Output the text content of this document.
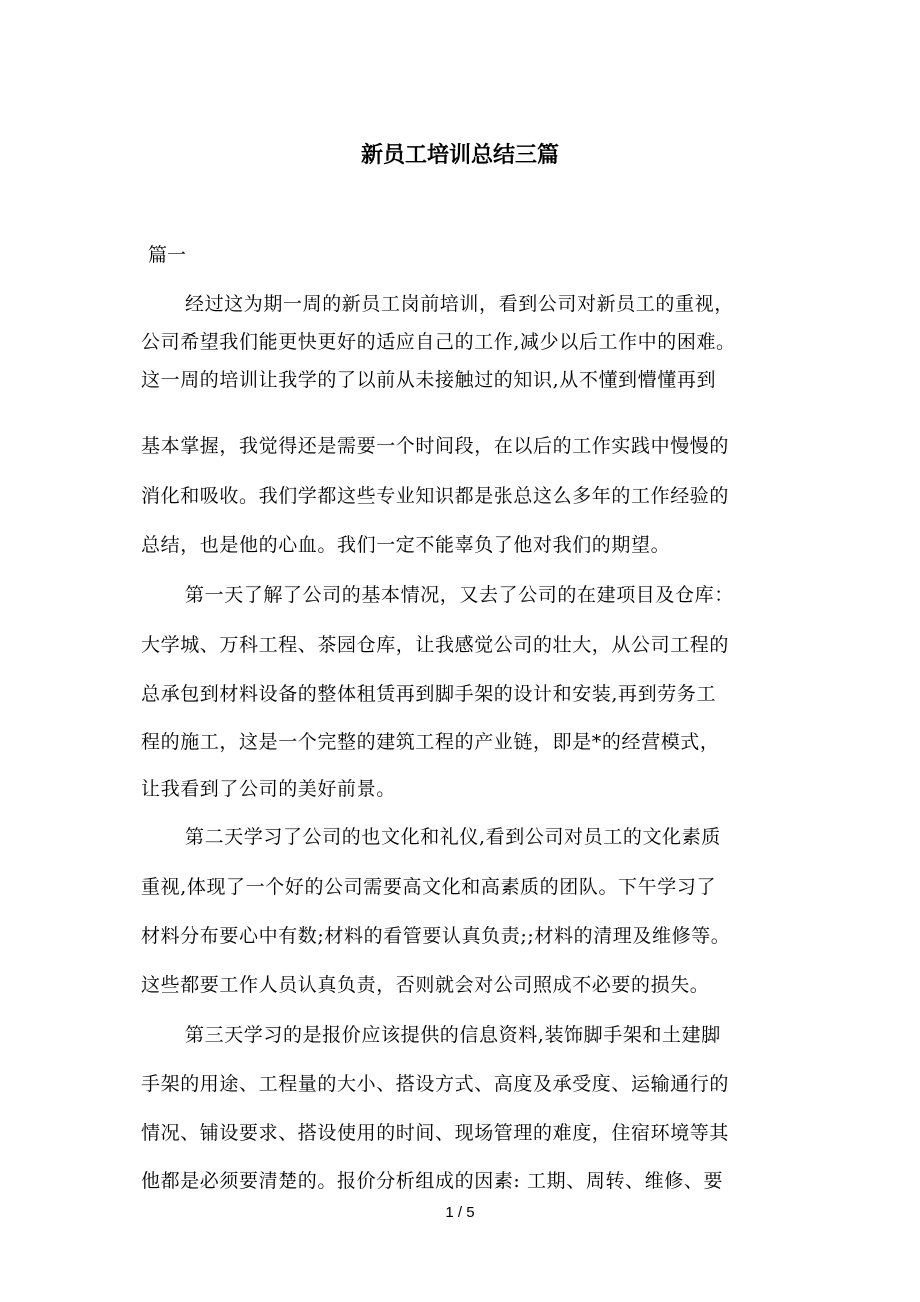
新员工培训总结三篇
篇一
经过这为期一周的新员工岗前培训，看到公司对新员工的重视，
公司希望我们能更快更好的适应自己的工作,减少以后工作中的困难。
这一周的培训让我学的了以前从未接触过的知识,从不懂到懵懂再到
基本掌握，我觉得还是需要一个时间段，在以后的工作实践中慢慢的
消化和吸收。我们学都这些专业知识都是张总这么多年的工作经验的
总结，也是他的心血。我们一定不能辜负了他对我们的期望。
第一天了解了公司的基本情况，又去了公司的在建项目及仓库：
大学城、万科工程、茶园仓库，让我感觉公司的壮大，从公司工程的
总承包到材料设备的整体租赁再到脚手架的设计和安装,再到劳务工
程的施工，这是一个完整的建筑工程的产业链，即是*的经营模式，
让我看到了公司的美好前景。
第二天学习了公司的也文化和礼仪,看到公司对员工的文化素质
重视,体现了一个好的公司需要高文化和高素质的团队。下午学习了
材料分布要心中有数;材料的看管要认真负责;;材料的清理及维修等。
这些都要工作人员认真负责，否则就会对公司照成不必要的损失。
第三天学习的是报价应该提供的信息资料,装饰脚手架和土建脚
手架的用途、工程量的大小、搭设方式、高度及承受度、运输通行的
情况、铺设要求、搭设使用的时间、现场管理的难度，住宿环境等其
他都是必须要清楚的。报价分析组成的因素: 工期、周转、维修、要
1 / 5
